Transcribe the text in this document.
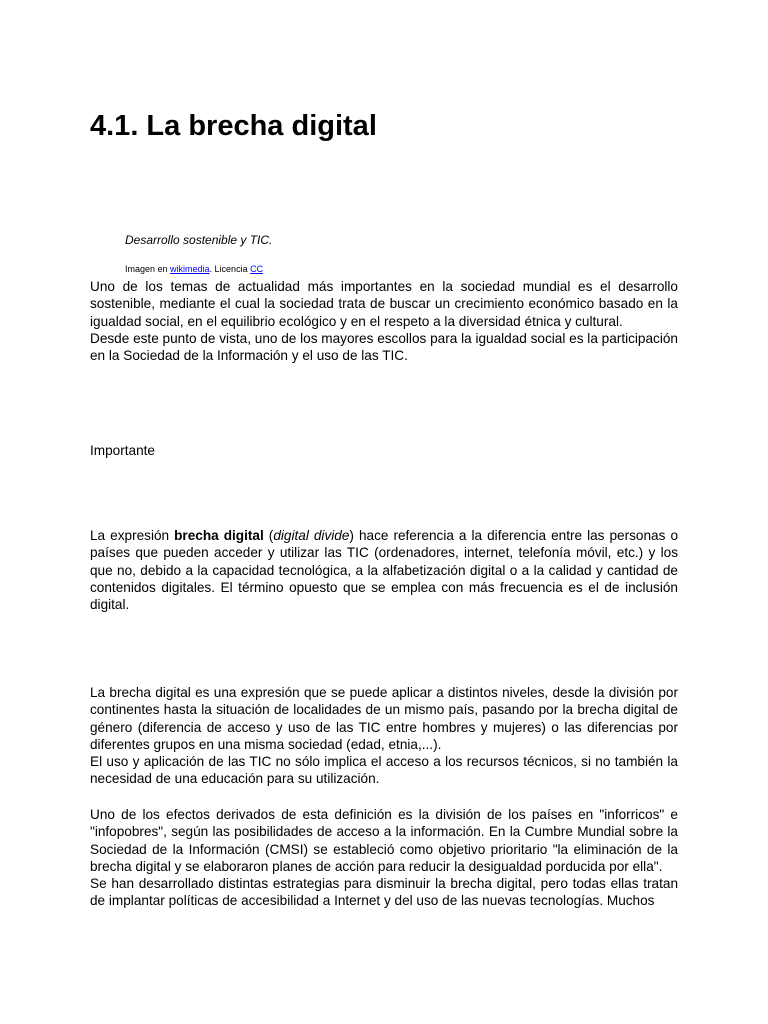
4.1. La brecha digital

Desarrollo sostenible y TIC.

Imagen en wikimedia. Licencia CC

Uno de los temas de actualidad más importantes en la sociedad mundial es el desarrollo sostenible, mediante el cual la sociedad trata de buscar un crecimiento económico basado en la igualdad social, en el equilibrio ecológico y en el respeto a la diversidad étnica y cultural.

Desde este punto de vista, uno de los mayores escollos para la igualdad social es la participación en la Sociedad de la Información y el uso de las TIC.

Importante

La expresión brecha digital (digital divide) hace referencia a la diferencia entre las personas o países que pueden acceder y utilizar las TIC (ordenadores, internet, telefonía móvil, etc.) y los que no, debido a la capacidad tecnológica, a la alfabetización digital o a la calidad y cantidad de contenidos digitales. El término opuesto que se emplea con más frecuencia es el de inclusión digital.

La brecha digital es una expresión que se puede aplicar a distintos niveles, desde la división por continentes hasta la situación de localidades de un mismo país, pasando por la brecha digital de género (diferencia de acceso y uso de las TIC entre hombres y mujeres) o las diferencias por diferentes grupos en una misma sociedad (edad, etnia,...).

El uso y aplicación de las TIC no sólo implica el acceso a los recursos técnicos, si no también la necesidad de una educación para su utilización.

Uno de los efectos derivados de esta definición es la división de los países en "inforricos" e "infopobres", según las posibilidades de acceso a la información. En la Cumbre Mundial sobre la Sociedad de la Información (CMSI) se estableció como objetivo prioritario "la eliminación de la brecha digital y se elaboraron planes de acción para reducir la desigualdad porducida por ella".

Se han desarrollado distintas estrategias para disminuir la brecha digital, pero todas ellas tratan de implantar políticas de accesibilidad a Internet y del uso de las nuevas tecnologías. Muchos
